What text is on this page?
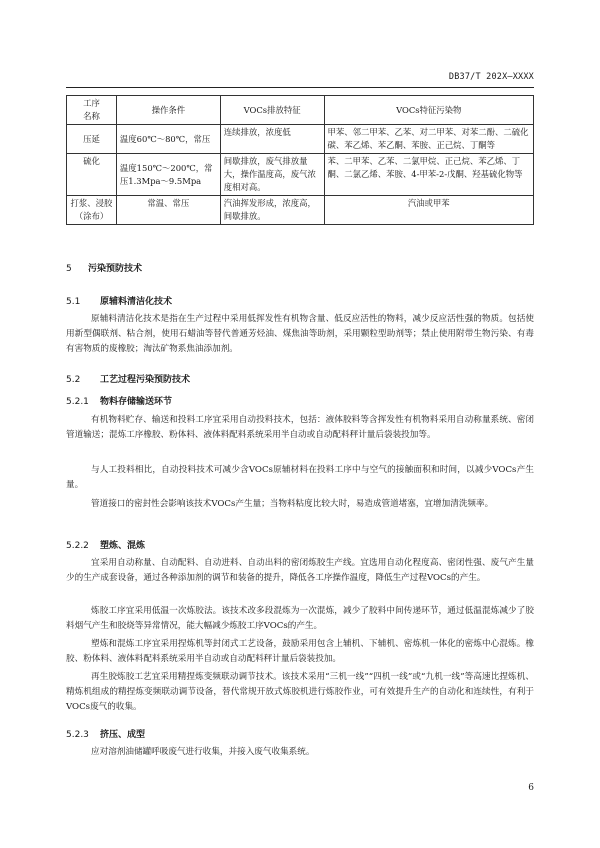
DB37/T 202X—XXXX
工序
名称	操作条件	VOCs排放特征	VOCs特征污染物
压延	温度60℃～80℃，常压	连续排放，浓度低	甲苯、邻二甲苯、乙苯、对二甲苯、对苯二酚、二硫化碳、苯乙烯、苯乙酮、苯胺、正己烷、丁酮等
硫化	温度150℃～200℃，常压1.3Mpa～9.5Mpa	间歇排放，废气排放量大，操作温度高，废气浓度相对高。	苯、二甲苯、乙苯、二氯甲烷、正己烷、苯乙烯、丁酮、二氯乙烯、苯胺、4-甲苯-2-戊酮、羟基硫化物等
打浆、浸胶（涂布）	常温、常压	汽油挥发形成，浓度高，间歇排放。	汽油或甲苯
5 污染预防技术
5.1 原辅料清洁化技术
原辅料清洁化技术是指在生产过程中采用低挥发性有机物含量、低反应活性的物料，减少反应活性强的物质。包括使用新型偶联剂、粘合剂，使用石蜡油等替代普通芳烃油、煤焦油等助剂，采用颗粒型助剂等；禁止使用附带生物污染、有毒有害物质的废橡胶；淘汰矿物系焦油添加剂。
5.2 工艺过程污染预防技术
5.2.1 物料存储输送环节
有机物料贮存、输送和投料工序宜采用自动投料技术，包括：液体胶料等含挥发性有机物料采用自动称量系统、密闭管道输送；混炼工序橡胶、粉体料、液体料配料系统采用半自动或自动配料秤计量后袋装投加等。
与人工投料相比，自动投料技术可减少含VOCs原辅材料在投料工序中与空气的接触面积和时间，以减少VOCs产生量。
管道接口的密封性会影响该技术VOCs产生量；当物料粘度比较大时，易造成管道堵塞，宜增加清洗频率。
5.2.2 塑炼、混炼
宜采用自动称量、自动配料、自动进料、自动出料的密闭炼胶生产线。宜选用自动化程度高、密闭性强、废气产生量少的生产成套设备，通过各种添加剂的调节和装备的提升，降低各工序操作温度，降低生产过程VOCs的产生。
炼胶工序宜采用低温一次炼胶法。该技术改多段混炼为一次混炼，减少了胶料中间传递环节，通过低温混炼减少了胶料烟气产生和胶烧等异常情况，能大幅减少炼胶工序VOCs的产生。
塑炼和混炼工序宜采用捏炼机等封闭式工艺设备，鼓励采用包含上辅机、下辅机、密炼机一体化的密炼中心混炼。橡胶、粉体料、液体料配料系统采用半自动或自动配料秤计量后袋装投加。
再生胶炼胶工艺宜采用精捏炼变频联动调节技术。该技术采用“三机一线”“四机一线”或“九机一线”等高速比捏炼机、精炼机组成的精捏炼变频联动调节设备，替代常规开放式炼胶机进行炼胶作业，可有效提升生产的自动化和连续性，有利于VOCs废气的收集。
5.2.3 挤压、成型
应对溶剂油储罐呼吸废气进行收集，并接入废气收集系统。
6
